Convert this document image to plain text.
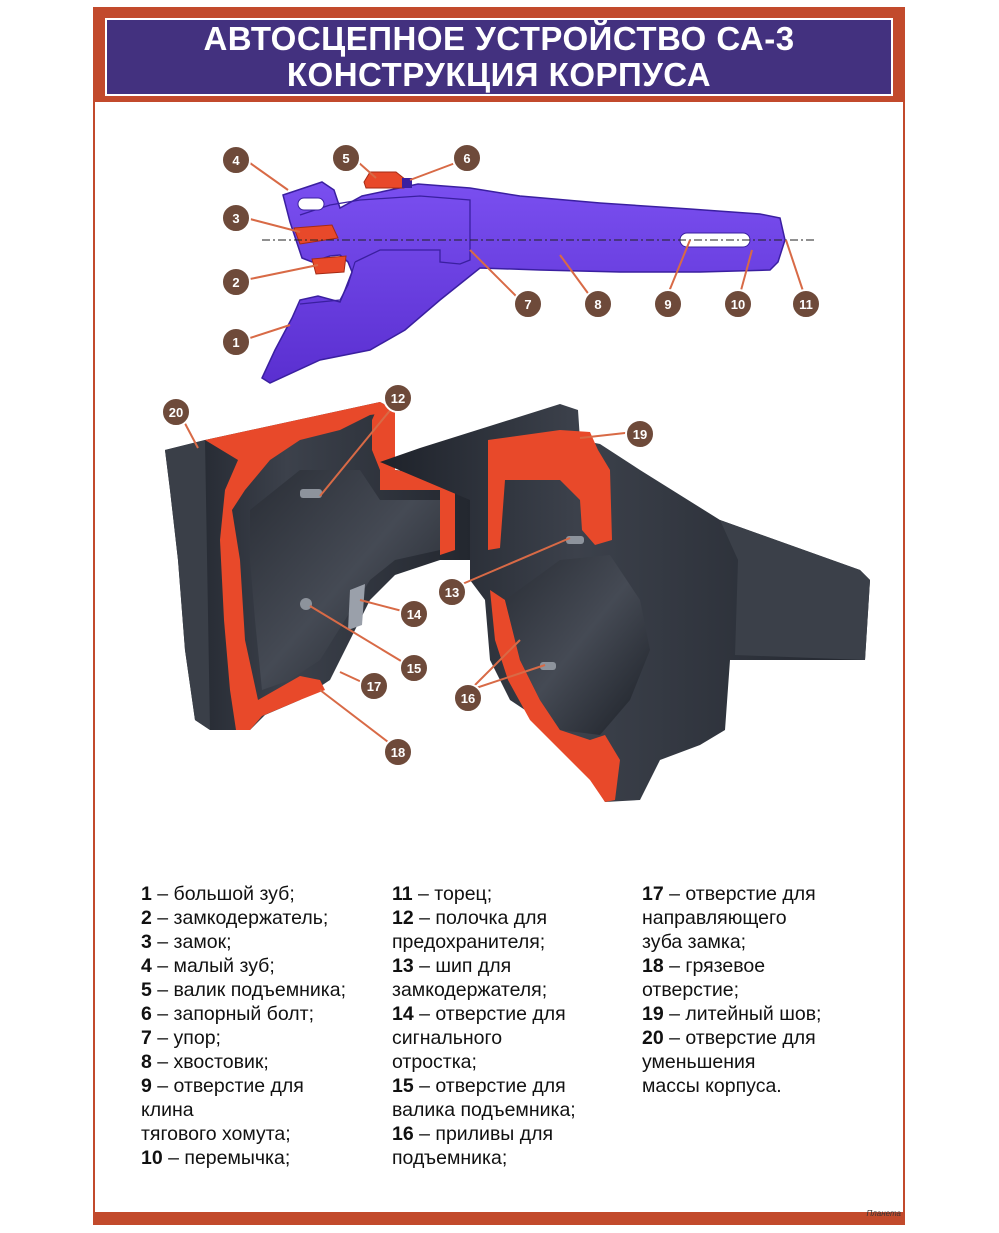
АВТОСЦЕПНОЕ УСТРОЙСТВО СА-3
КОНСТРУКЦИЯ КОРПУСА
1
2
3
4	5	6
7	8	9	10	11
12
13
14
15
16
17
18
19
20
1 – большой зуб;
2 – замкодержатель;
3 – замок;
4 – малый зуб;
5 – валик подъемника;
6 – запорный болт;
7 – упор;
8 – хвостовик;
9 – отверстие для
клина
тягового хомута;
10 – перемычка;
11 – торец;
12 – полочка для
предохранителя;
13 – шип для
замкодержателя;
14 – отверстие для
сигнального
отростка;
15 – отверстие для
валика подъемника;
16 – приливы для
подъемника;
17 – отверстие для
направляющего
зуба замка;
18 – грязевое
отверстие;
19 – литейный шов;
20 – отверстие для
уменьшения
массы корпуса.
Планета
